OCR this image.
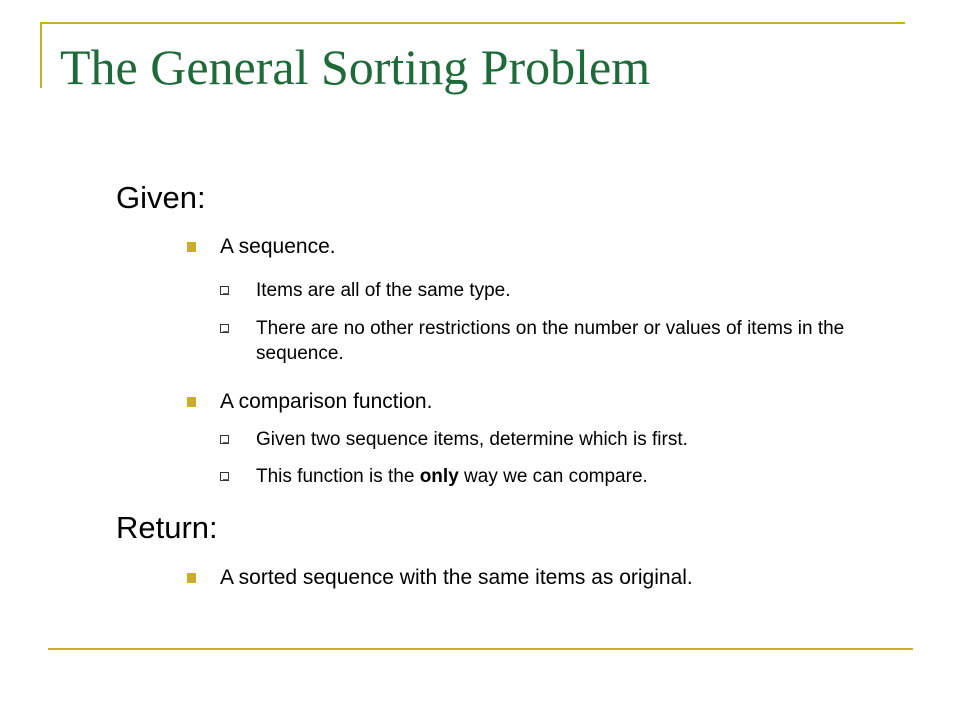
The General Sorting Problem
Given:
A sequence.
Items are all of the same type.
There are no other restrictions on the number or values of items in the sequence.
A comparison function.
Given two sequence items, determine which is first.
This function is the only way we can compare.
Return:
A sorted sequence with the same items as original.
